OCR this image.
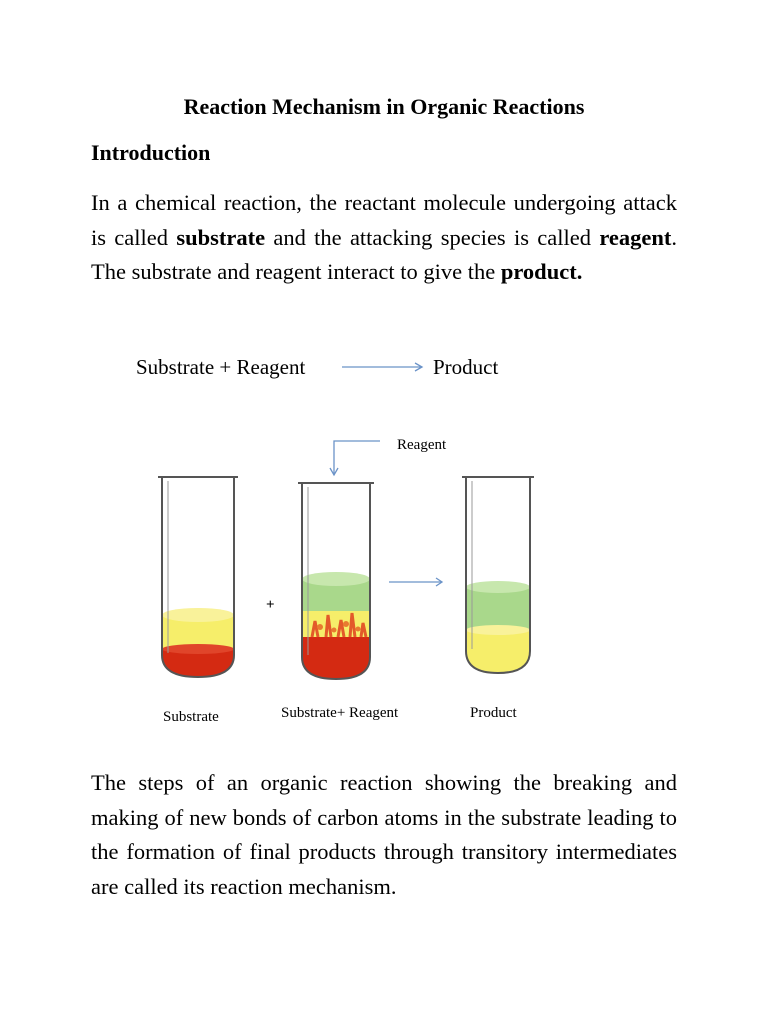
Reaction Mechanism in Organic Reactions
Introduction
In a chemical reaction, the reactant molecule undergoing attack is called substrate and the attacking species is called reagent. The substrate and reagent interact to give the product.
Substrate + Reagent → Product
+
Reagent
Substrate	Substrate+ Reagent	Product
The steps of an organic reaction showing the breaking and making of new bonds of carbon atoms in the substrate leading to the formation of final products through transitory intermediates are called its reaction mechanism.
